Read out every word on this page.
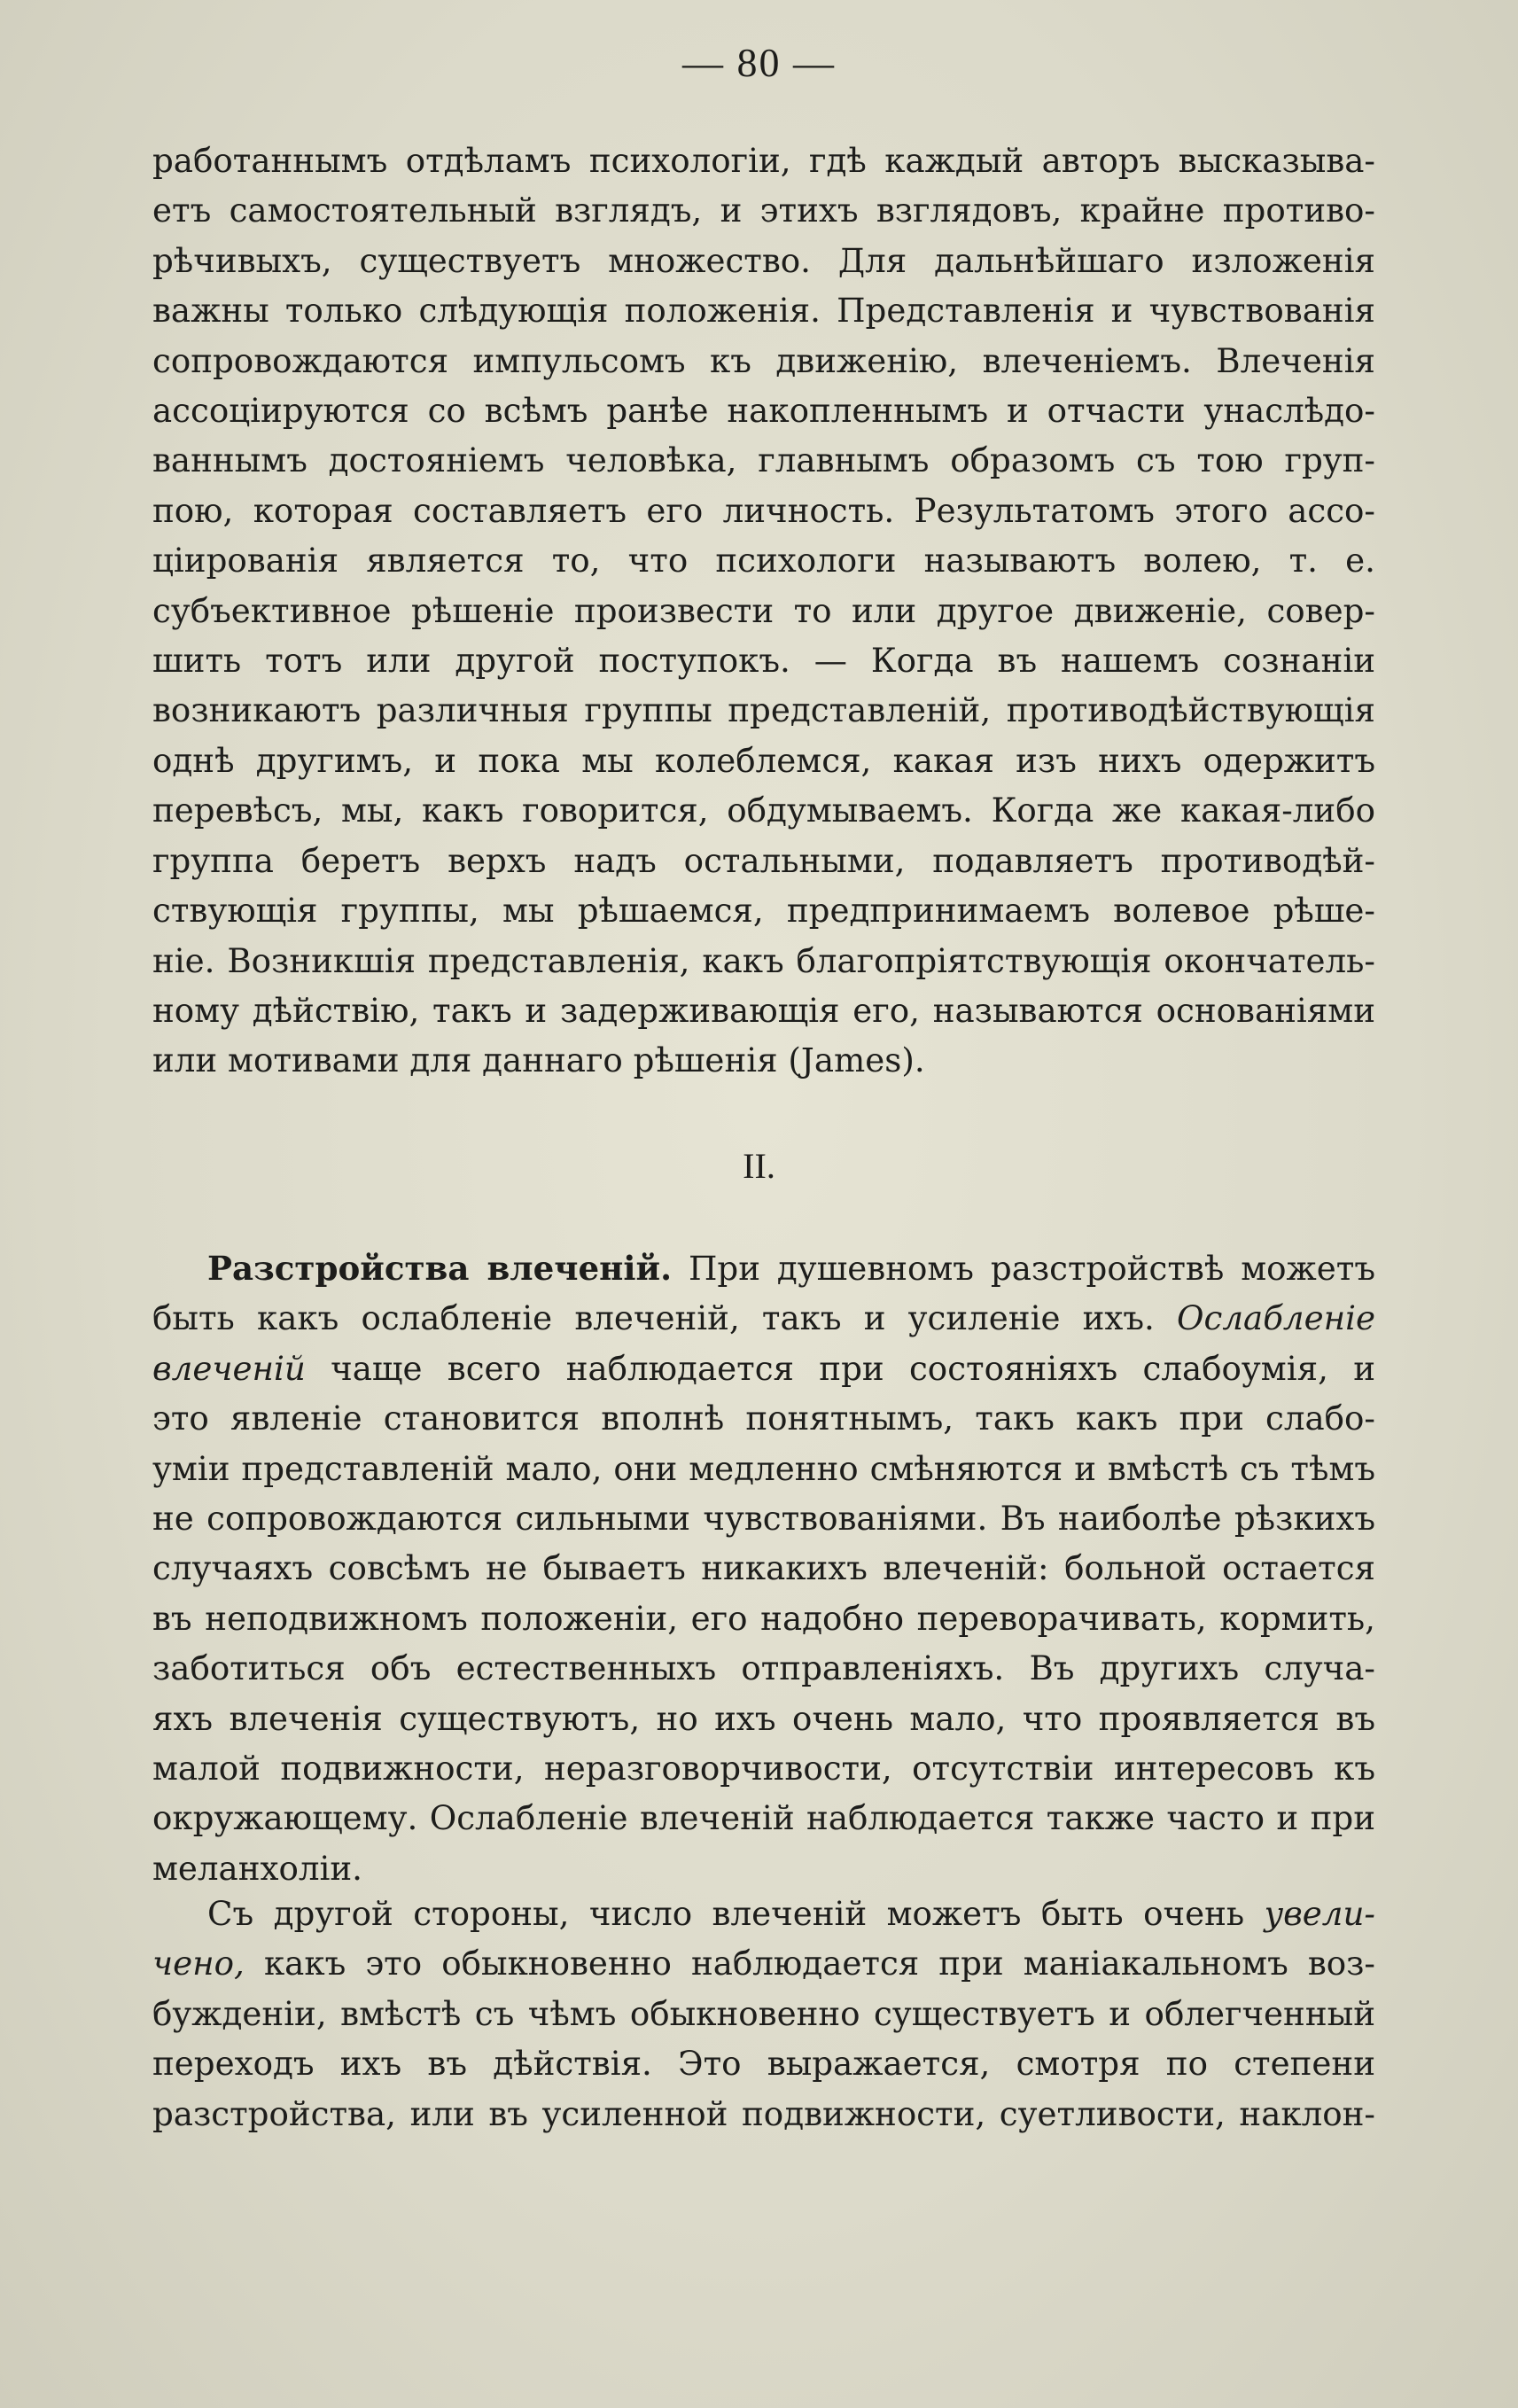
— 80 —
работаннымъ отдѣламъ психологіи, гдѣ каждый авторъ высказыва-
етъ самостоятельный взглядъ, и этихъ взглядовъ, крайне противо-
рѣчивыхъ, существуетъ множество. Для дальнѣйшаго изложенія
важны только слѣдующія положенія. Представленія и чувствованія
сопровождаются импульсомъ къ движенію, влеченіемъ. Влеченія
ассоціируются со всѣмъ ранѣе накопленнымъ и отчасти унаслѣдо-
ваннымъ достояніемъ человѣка, главнымъ образомъ съ тою груп-
пою, которая составляетъ его личность. Результатомъ этого ассо-
ціированія является то, что психологи называютъ волею, т. е.
субъективное рѣшеніе произвести то или другое движеніе, совер-
шить тотъ или другой поступокъ. — Когда въ нашемъ сознаніи
возникаютъ различныя группы представленій, противодѣйствующія
однѣ другимъ, и пока мы колеблемся, какая изъ нихъ одержитъ
перевѣсъ, мы, какъ говорится, обдумываемъ. Когда же какая-либо
группа беретъ верхъ надъ остальными, подавляетъ противодѣй-
ствующія группы, мы рѣшаемся, предпринимаемъ волевое рѣше-
ніе. Возникшія представленія, какъ благопріятствующія окончатель-
ному дѣйствію, такъ и задерживающія его, называются основаніями
или мотивами для даннаго рѣшенія (James).
II.
Разстройства влеченій. При душевномъ разстройствѣ можетъ
быть какъ ослабленіе влеченій, такъ и усиленіе ихъ. Ослабленіе
влеченій чаще всего наблюдается при состояніяхъ слабоумія, и
это явленіе становится вполнѣ понятнымъ, такъ какъ при слабо-
уміи представленій мало, они медленно смѣняются и вмѣстѣ съ тѣмъ
не сопровождаются сильными чувствованіями. Въ наиболѣе рѣзкихъ
случаяхъ совсѣмъ не бываетъ никакихъ влеченій: больной остается
въ неподвижномъ положеніи, его надобно переворачивать, кормить,
заботиться объ естественныхъ отправленіяхъ. Въ другихъ случа-
яхъ влеченія существуютъ, но ихъ очень мало, что проявляется въ
малой подвижности, неразговорчивости, отсутствіи интересовъ къ
окружающему. Ослабленіе влеченій наблюдается также часто и при
меланхоліи.
Съ другой стороны, число влеченій можетъ быть очень увели-
чено, какъ это обыкновенно наблюдается при маніакальномъ воз-
бужденіи, вмѣстѣ съ чѣмъ обыкновенно существуетъ и облегченный
переходъ ихъ въ дѣйствія. Это выражается, смотря по степени
разстройства, или въ усиленной подвижности, суетливости, наклон-
